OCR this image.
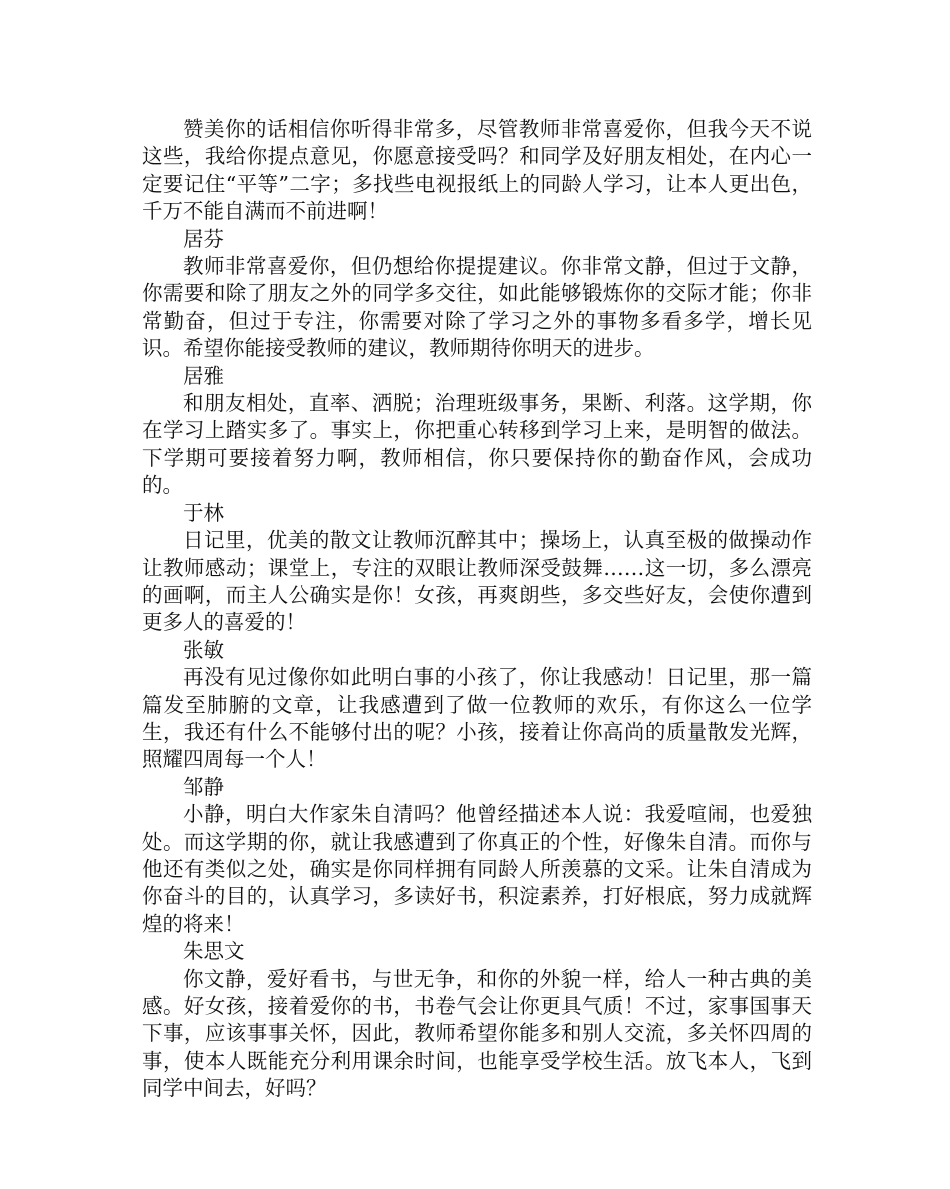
赞美你的话相信你听得非常多，尽管教师非常喜爱你，但我今天不说这些，我给你提点意见，你愿意接受吗？和同学及好朋友相处，在内心一定要记住“平等”二字；多找些电视报纸上的同龄人学习，让本人更出色，千万不能自满而不前进啊！

居芬

教师非常喜爱你，但仍想给你提提建议。你非常文静，但过于文静，你需要和除了朋友之外的同学多交往，如此能够锻炼你的交际才能；你非常勤奋，但过于专注，你需要对除了学习之外的事物多看多学，增长见识。希望你能接受教师的建议，教师期待你明天的进步。

居雅

和朋友相处，直率、洒脱；治理班级事务，果断、利落。这学期，你在学习上踏实多了。事实上，你把重心转移到学习上来，是明智的做法。下学期可要接着努力啊，教师相信，你只要保持你的勤奋作风，会成功的。

于林

日记里，优美的散文让教师沉醉其中；操场上，认真至极的做操动作让教师感动；课堂上，专注的双眼让教师深受鼓舞……这一切，多么漂亮的画啊，而主人公确实是你！女孩，再爽朗些，多交些好友，会使你遭到更多人的喜爱的！

张敏

再没有见过像你如此明白事的小孩了，你让我感动！日记里，那一篇篇发至肺腑的文章，让我感遭到了做一位教师的欢乐，有你这么一位学生，我还有什么不能够付出的呢？小孩，接着让你高尚的质量散发光辉，照耀四周每一个人！

邹静

小静，明白大作家朱自清吗？他曾经描述本人说：我爱喧闹，也爱独处。而这学期的你，就让我感遭到了你真正的个性，好像朱自清。而你与他还有类似之处，确实是你同样拥有同龄人所羡慕的文采。让朱自清成为你奋斗的目的，认真学习，多读好书，积淀素养，打好根底，努力成就辉煌的将来！

朱思文

你文静，爱好看书，与世无争，和你的外貌一样，给人一种古典的美感。好女孩，接着爱你的书，书卷气会让你更具气质！不过，家事国事天下事，应该事事关怀，因此，教师希望你能多和别人交流，多关怀四周的事，使本人既能充分利用课余时间，也能享受学校生活。放飞本人，飞到同学中间去，好吗？
